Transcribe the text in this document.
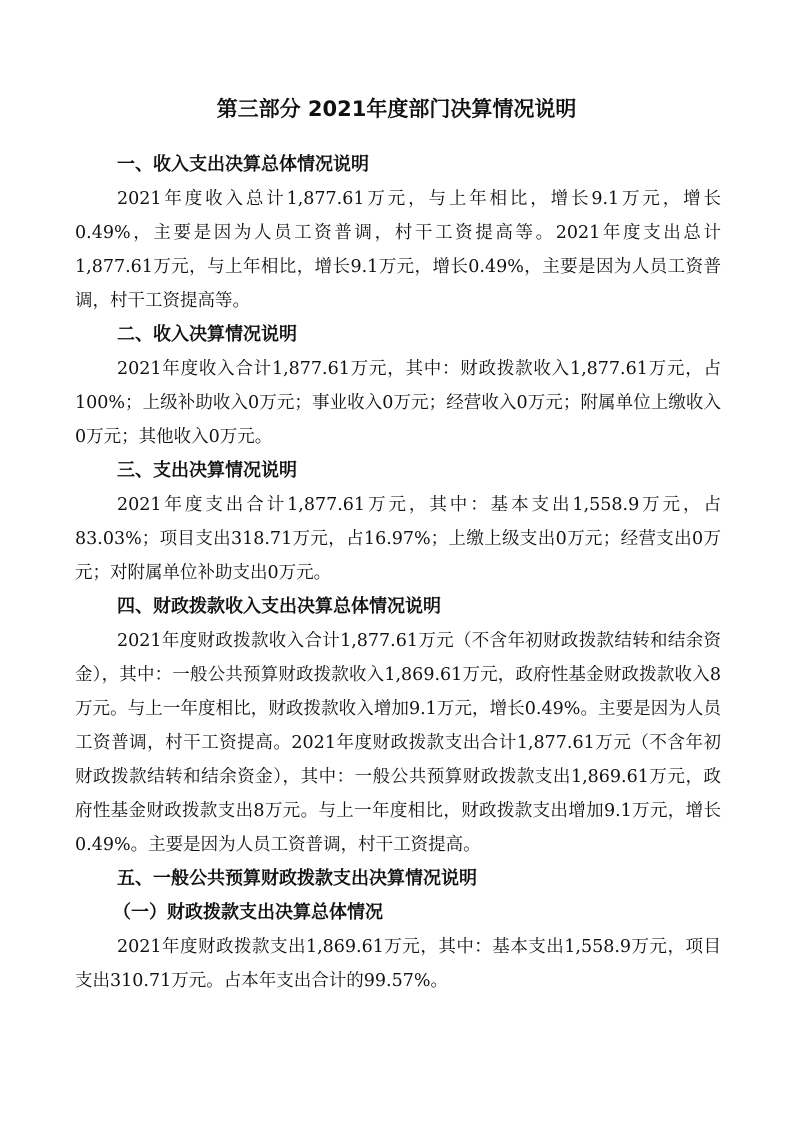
第三部分 2021年度部门决算情况说明
一、收入支出决算总体情况说明

2021年度收入总计1,877.61万元，与上年相比，增长9.1万元，增长0.49%，主要是因为人员工资普调，村干工资提高等。2021年度支出总计1,877.61万元，与上年相比，增长9.1万元，增长0.49%，主要是因为人员工资普调，村干工资提高等。

二、收入决算情况说明

2021年度收入合计1,877.61万元，其中：财政拨款收入1,877.61万元，占100%；上级补助收入0万元；事业收入0万元；经营收入0万元；附属单位上缴收入0万元；其他收入0万元。

三、支出决算情况说明

2021年度支出合计1,877.61万元，其中：基本支出1,558.9万元，占83.03%；项目支出318.71万元，占16.97%；上缴上级支出0万元；经营支出0万元；对附属单位补助支出0万元。

四、财政拨款收入支出决算总体情况说明

2021年度财政拨款收入合计1,877.61万元（不含年初财政拨款结转和结余资金），其中：一般公共预算财政拨款收入1,869.61万元，政府性基金财政拨款收入8万元。与上一年度相比，财政拨款收入增加9.1万元，增长0.49%。主要是因为人员工资普调，村干工资提高。2021年度财政拨款支出合计1,877.61万元（不含年初财政拨款结转和结余资金），其中：一般公共预算财政拨款支出1,869.61万元，政府性基金财政拨款支出8万元。与上一年度相比，财政拨款支出增加9.1万元，增长0.49%。主要是因为人员工资普调，村干工资提高。

五、一般公共预算财政拨款支出决算情况说明
（一）财政拨款支出决算总体情况

2021年度财政拨款支出1,869.61万元，其中：基本支出1,558.9万元，项目支出310.71万元。占本年支出合计的99.57%。
